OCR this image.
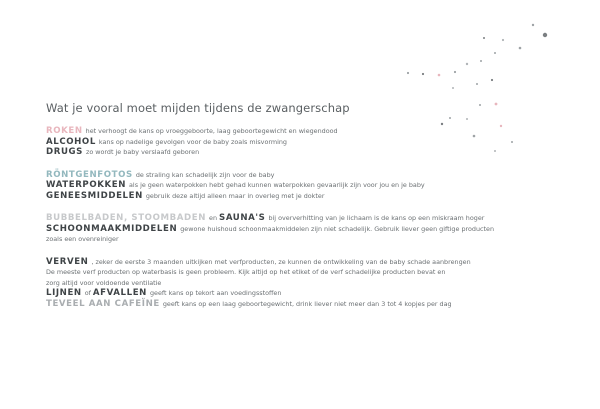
Wat je vooral moet mijden tijdens de zwangerschap
ROKEN het verhoogt de kans op vroeggeboorte, laag geboortegewicht en wiegendood
ALCOHOL kans op nadelige gevolgen voor de baby zoals misvorming
DRUGS zo wordt je baby verslaafd geboren
RÖNTGENFOTOS de straling kan schadelijk zijn voor de baby
WATERPOKKEN als je geen waterpokken hebt gehad kunnen waterpokken gevaarlijk zijn voor jou en je baby
GENEESMIDDELEN gebruik deze altijd alleen maar in overleg met je dokter
BUBBELBADEN, STOOMBADEN en SAUNA'S bij oververhitting van je lichaam is de kans op een miskraam hoger
SCHOONMAAKMIDDELEN gewone huishoud schoonmaakmiddelen zijn niet schadelijk. Gebruik liever geen giftige producten
zoals een ovenreiniger
VERVEN , zeker de eerste 3 maanden uitkijken met verfproducten, ze kunnen de ontwikkeling van de baby schade aanbrengen
De meeste verf producten op waterbasis is geen probleem. Kijk altijd op het etiket of de verf schadelijke producten bevat en
zorg altijd voor voldoende ventilatie
LIJNEN of AFVALLEN geeft kans op tekort aan voedingsstoffen
TEVEEL AAN CAFEÏNE geeft kans op een laag geboortegewicht, drink liever niet meer dan 3 tot 4 kopjes per dag
